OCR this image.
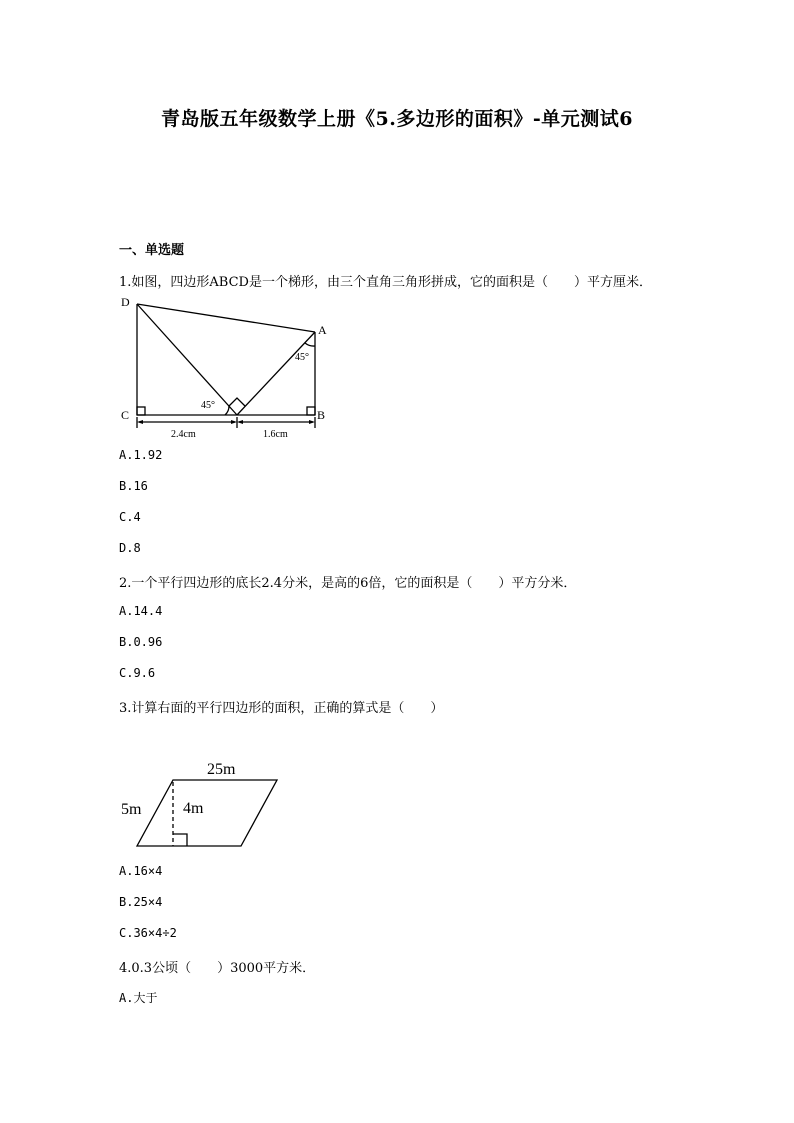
青岛版五年级数学上册《5.多边形的面积》-单元测试6
一、单选题
1.如图，四边形ABCD是一个梯形，由三个直角三角形拼成，它的面积是（　　）平方厘米．
D
A
C	B
45°
45°
2.4cm	1.6cm
A.1.92
B.16
C.4
D.8
2.一个平行四边形的底长2.4分米，是高的6倍，它的面积是（　　）平方分米．
A.14.4
B.0.96
C.9.6
3.计算右面的平行四边形的面积，正确的算式是（　　）
25m
5m	4m
A.16×4
B.25×4
C.36×4÷2
4.0.3公顷（　　）3000平方米．
A.大于
